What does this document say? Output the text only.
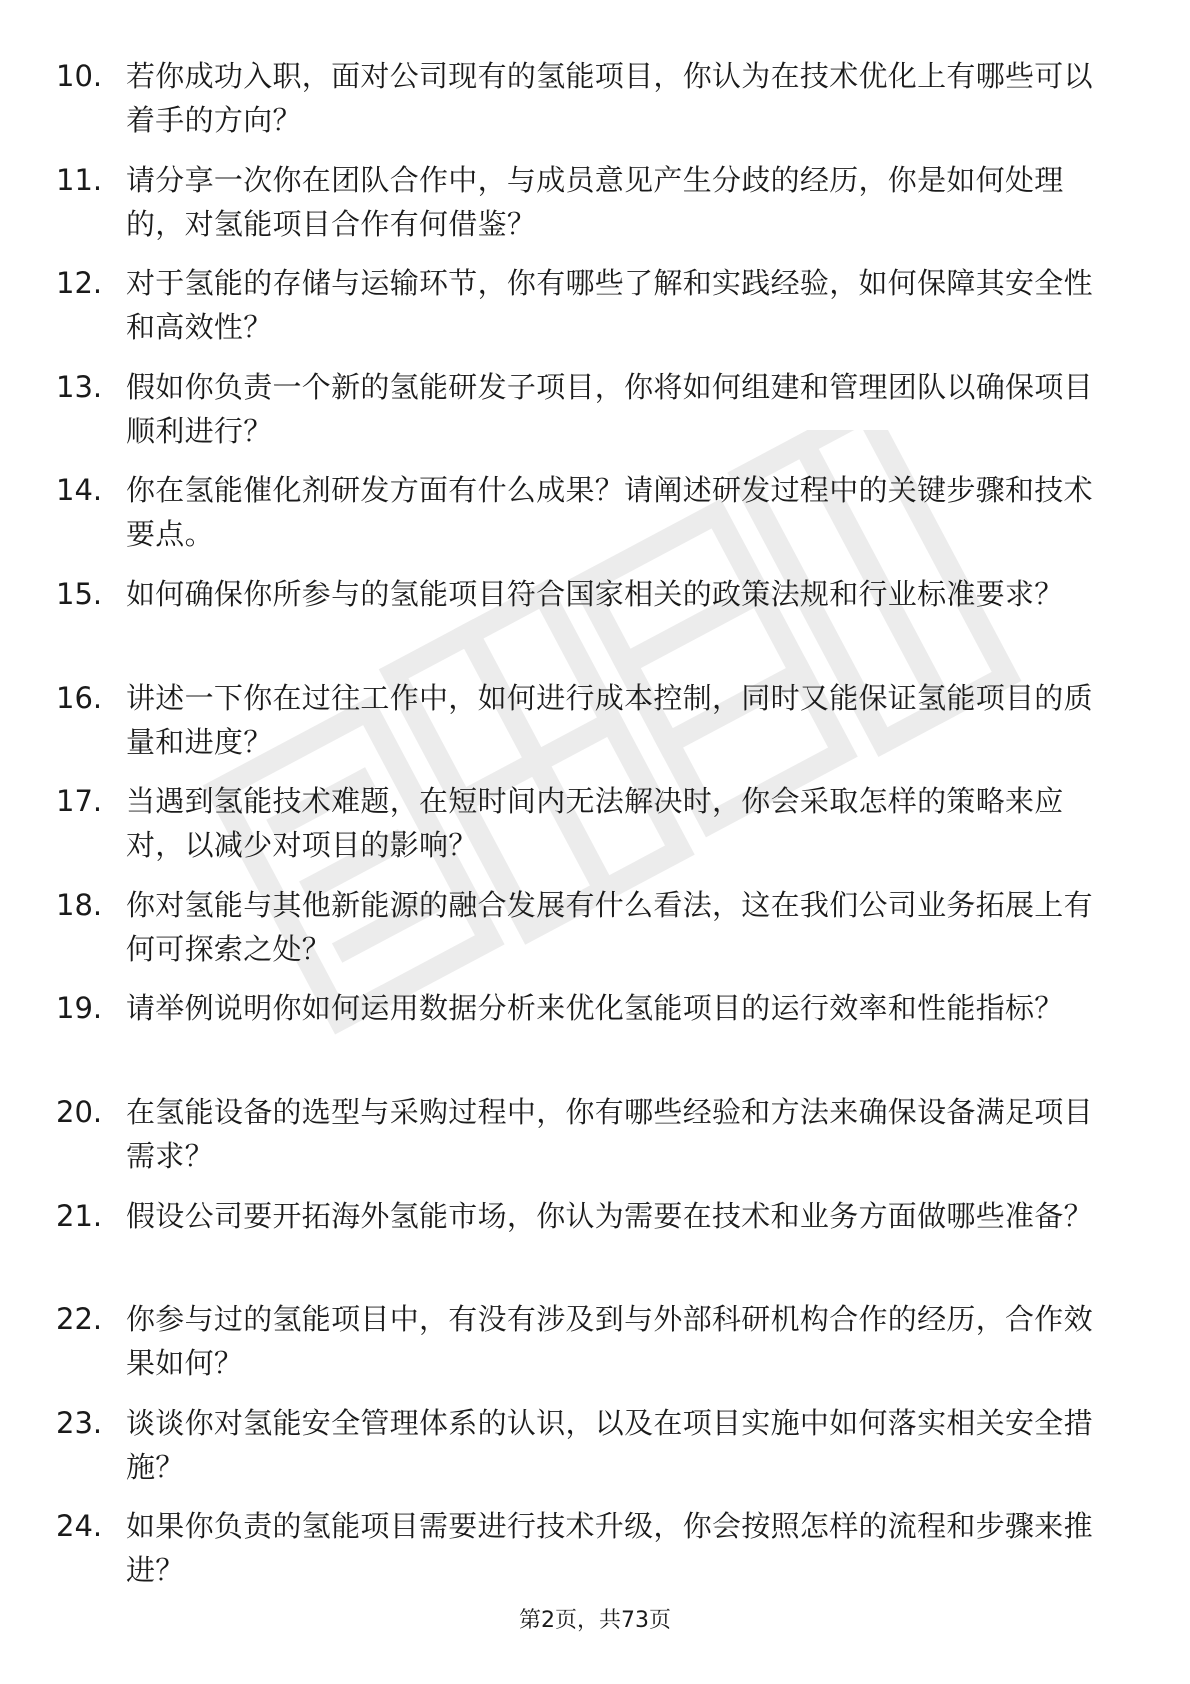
10. 若你成功入职，面对公司现有的氢能项目，你认为在技术优化上有哪些可以着手的方向？
11. 请分享一次你在团队合作中，与成员意见产生分歧的经历，你是如何处理的，对氢能项目合作有何借鉴？
12. 对于氢能的存储与运输环节，你有哪些了解和实践经验，如何保障其安全性和高效性？
13. 假如你负责一个新的氢能研发子项目，你将如何组建和管理团队以确保项目顺利进行？
14. 你在氢能催化剂研发方面有什么成果？请阐述研发过程中的关键步骤和技术要点。
15. 如何确保你所参与的氢能项目符合国家相关的政策法规和行业标准要求？
16. 讲述一下你在过往工作中，如何进行成本控制，同时又能保证氢能项目的质量和进度？
17. 当遇到氢能技术难题，在短时间内无法解决时，你会采取怎样的策略来应对，以减少对项目的影响？
18. 你对氢能与其他新能源的融合发展有什么看法，这在我们公司业务拓展上有何可探索之处？
19. 请举例说明你如何运用数据分析来优化氢能项目的运行效率和性能指标？
20. 在氢能设备的选型与采购过程中，你有哪些经验和方法来确保设备满足项目需求？
21. 假设公司要开拓海外氢能市场，你认为需要在技术和业务方面做哪些准备？
22. 你参与过的氢能项目中，有没有涉及到与外部科研机构合作的经历，合作效果如何？
23. 谈谈你对氢能安全管理体系的认识，以及在项目实施中如何落实相关安全措施？
24. 如果你负责的氢能项目需要进行技术升级，你会按照怎样的流程和步骤来推进？
第2页，共73页
